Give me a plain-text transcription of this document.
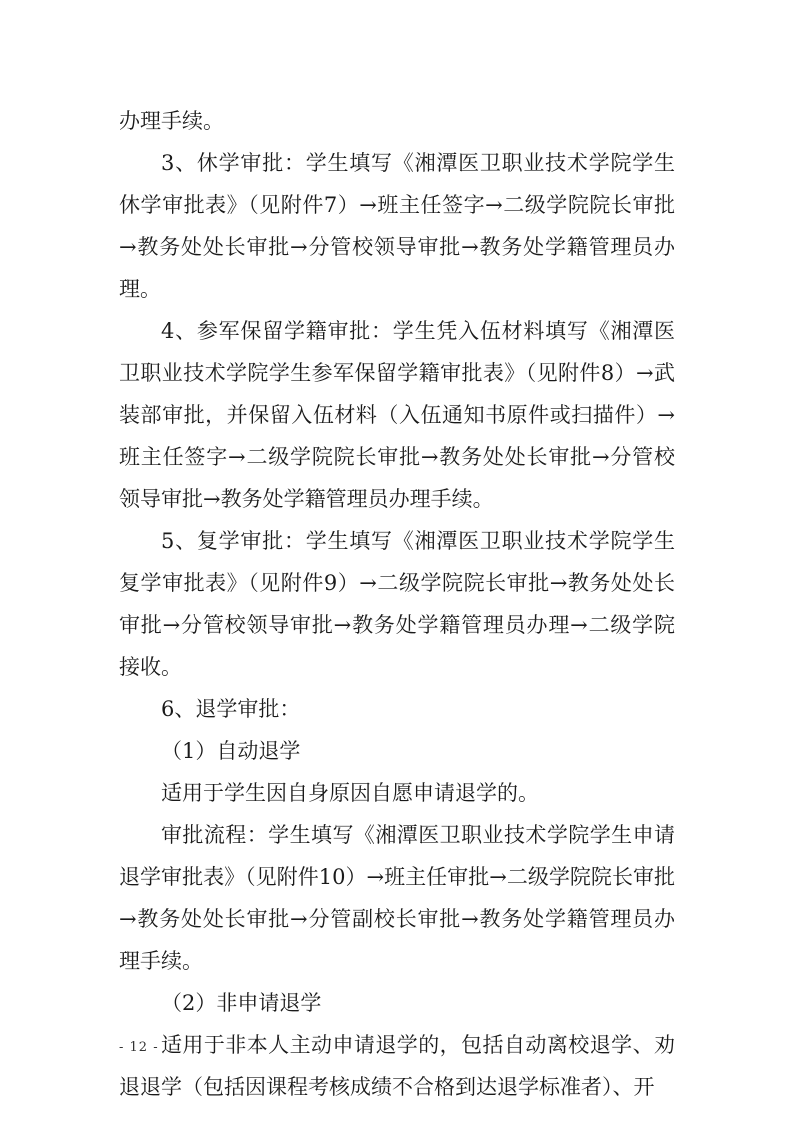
办理手续。

3、休学审批：学生填写《湘潭医卫职业技术学院学生休学审批表》（见附件7）→班主任签字→二级学院院长审批→教务处处长审批→分管校领导审批→教务处学籍管理员办理。

4、参军保留学籍审批：学生凭入伍材料填写《湘潭医卫职业技术学院学生参军保留学籍审批表》（见附件8）→武装部审批，并保留入伍材料（入伍通知书原件或扫描件）→班主任签字→二级学院院长审批→教务处处长审批→分管校领导审批→教务处学籍管理员办理手续。

5、复学审批：学生填写《湘潭医卫职业技术学院学生复学审批表》（见附件9）→二级学院院长审批→教务处处长审批→分管校领导审批→教务处学籍管理员办理→二级学院接收。

6、退学审批：

（1）自动退学

适用于学生因自身原因自愿申请退学的。

审批流程：学生填写《湘潭医卫职业技术学院学生申请退学审批表》（见附件10）→班主任审批→二级学院院长审批→教务处处长审批→分管副校长审批→教务处学籍管理员办理手续。

（2）非申请退学

适用于非本人主动申请退学的，包括自动离校退学、劝退退学（包括因课程考核成绩不合格到达退学标准者）、开

- 12 -
